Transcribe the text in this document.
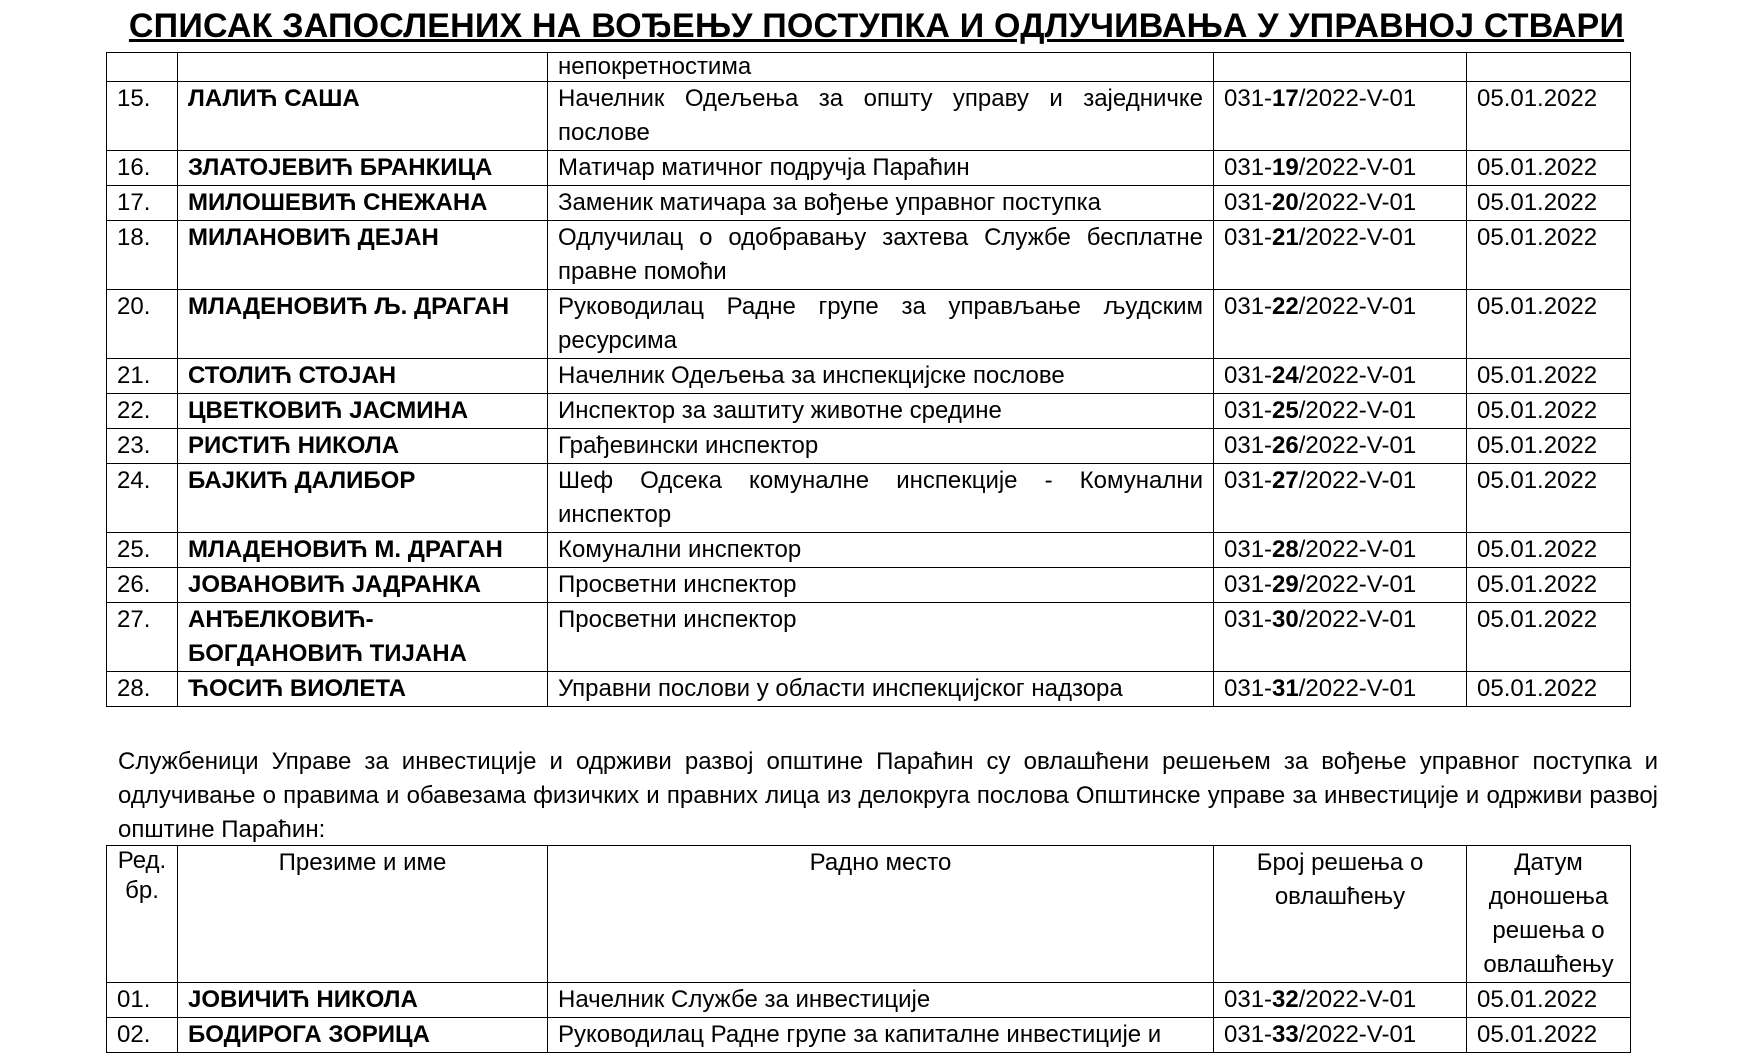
СПИСАК ЗАПОСЛЕНИХ НА ВОЂЕЊУ ПОСТУПКА И ОДЛУЧИВАЊА У УПРАВНОЈ СТВАРИ
		непокретностима		
15.	ЛАЛИЋ САША	Начелник Одељења за општу управу и заједничке послове	031-17/2022-V-01	05.01.2022
16.	ЗЛАТОЈЕВИЋ БРАНКИЦА	Матичар матичног подручја Параћин	031-19/2022-V-01	05.01.2022
17.	МИЛОШЕВИЋ СНЕЖАНА	Заменик матичара за вођење управног поступка	031-20/2022-V-01	05.01.2022
18.	МИЛАНОВИЋ ДЕЈАН	Одлучилац о одобравању захтева Службе бесплатне правне помоћи	031-21/2022-V-01	05.01.2022
20.	МЛАДЕНОВИЋ Љ. ДРАГАН	Руководилац Радне групе за управљање људским ресурсима	031-22/2022-V-01	05.01.2022
21.	СТОЛИЋ СТОЈАН	Начелник Одељења за инспекцијске послове	031-24/2022-V-01	05.01.2022
22.	ЦВЕТКОВИЋ ЈАСМИНА	Инспектор за заштиту животне средине	031-25/2022-V-01	05.01.2022
23.	РИСТИЋ НИКОЛА	Грађевински инспектор	031-26/2022-V-01	05.01.2022
24.	БАЈКИЋ ДАЛИБОР	Шеф Одсека комуналне инспекције - Комунални инспектор	031-27/2022-V-01	05.01.2022
25.	МЛАДЕНОВИЋ М. ДРАГАН	Комунални инспектор	031-28/2022-V-01	05.01.2022
26.	ЈОВАНОВИЋ ЈАДРАНКА	Просветни инспектор	031-29/2022-V-01	05.01.2022
27.	АНЂЕЛКОВИЋ-БОГДАНОВИЋ ТИЈАНА	Просветни инспектор	031-30/2022-V-01	05.01.2022
28.	ЋОСИЋ ВИОЛЕТА	Управни послови у области инспекцијског надзора	031-31/2022-V-01	05.01.2022
Службеници Управе за инвестиције и одрживи развој општине Параћин су овлашћени решењем за вођење управног поступка и одлучивање о правима и обавезама физичких и правних лица из делокруга послова Општинске управе за инвестиције и одрживи развој општине Параћин:
Ред. бр.	Презиме и име	Радно место	Број решења о овлашћењу	Датум доношења решења о овлашћењу
01.	ЈОВИЧИЋ НИКОЛА	Начелник Службе за инвестиције	031-32/2022-V-01	05.01.2022
02.	БОДИРОГА ЗОРИЦА	Руководилац Радне групе за капиталне инвестиције и	031-33/2022-V-01	05.01.2022
